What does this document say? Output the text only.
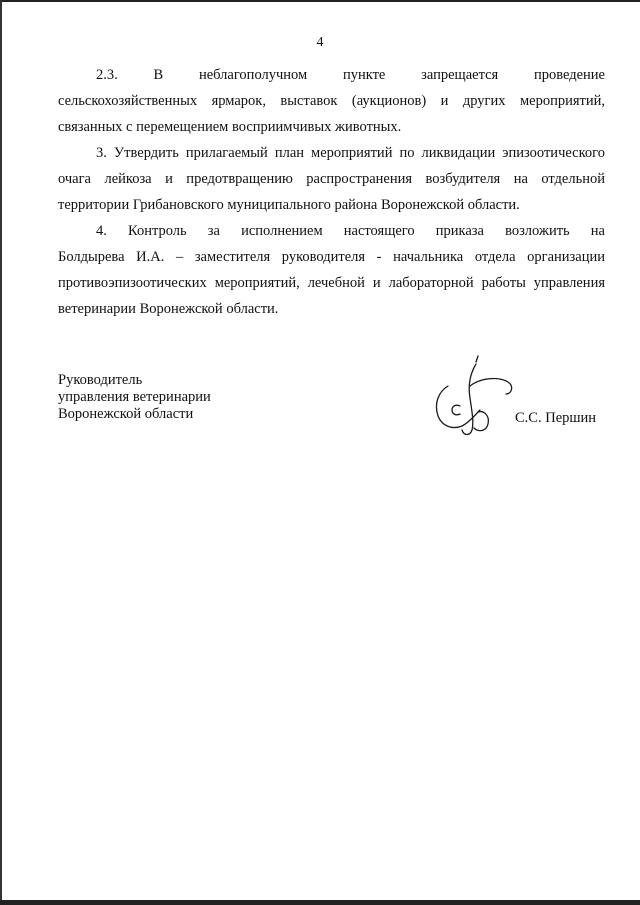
4
2.3. В неблагополучном пункте запрещается проведение
сельскохозяйственных ярмарок, выставок (аукционов) и других мероприятий,
связанных с перемещением восприимчивых животных.
3. Утвердить прилагаемый план мероприятий по ликвидации эпизоотического
очага лейкоза и предотвращению распространения возбудителя на отдельной
территории Грибановского муниципального района Воронежской области.
4. Контроль за исполнением настоящего приказа возложить на
Болдырева И.А. – заместителя руководителя - начальника отдела организации
противоэпизоотических мероприятий, лечебной и лабораторной работы управления
ветеринарии Воронежской области.
Руководитель
управления ветеринарии
Воронежской области	С.С. Першин
